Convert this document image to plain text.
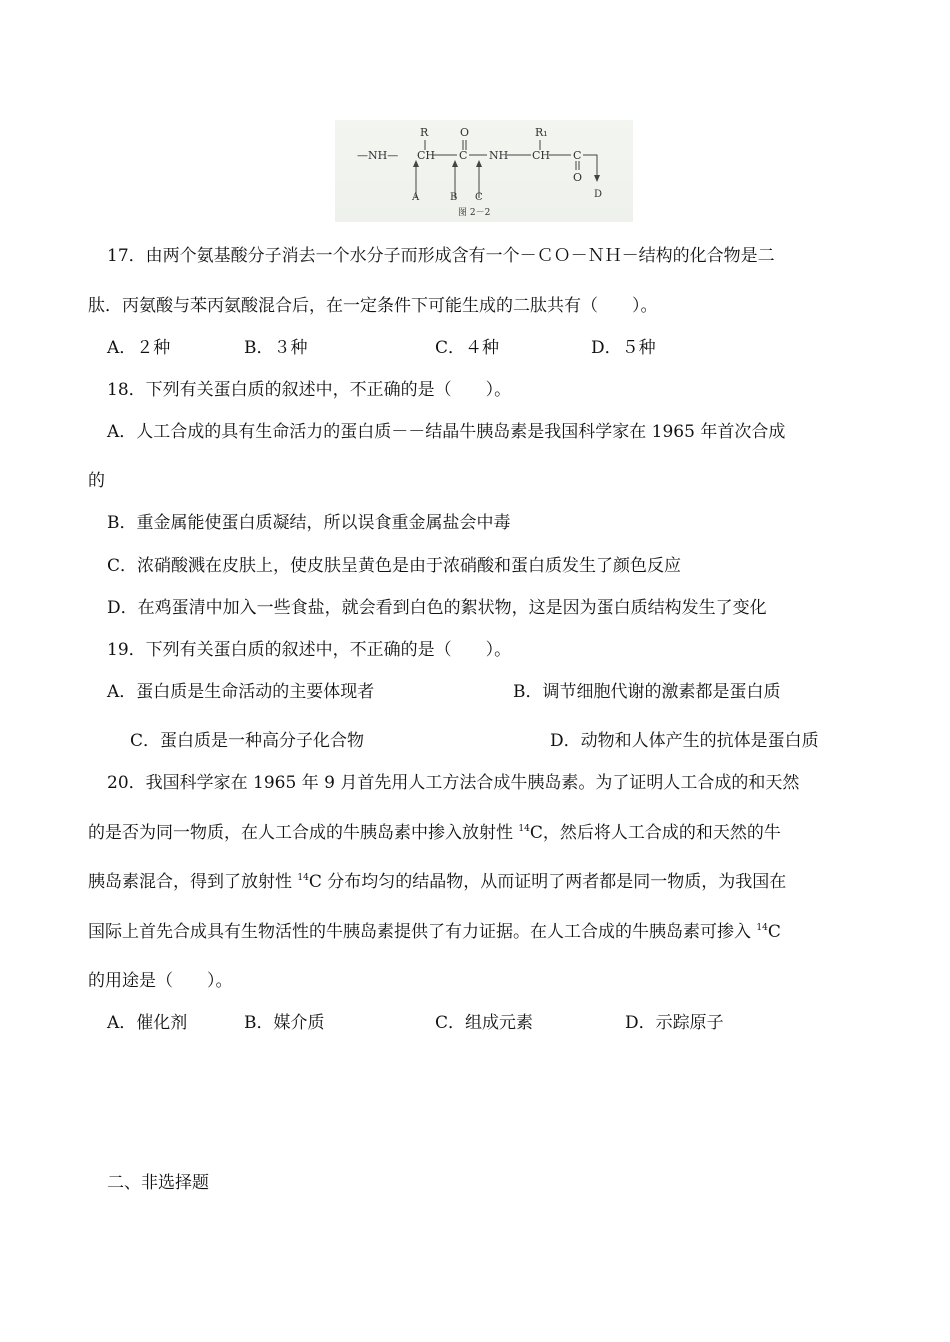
R	O	R₁
—NH— CH C NH CH C
O
A	B C	D
图 2－2
17．由两个氨基酸分子消去一个水分子而形成含有一个－ＣＯ－ＮＨ－结构的化合物是二
肽．丙氨酸与苯丙氨酸混合后，在一定条件下可能生成的二肽共有（　　）。
A．２种	B．３种	C．４种	D．５种
18．下列有关蛋白质的叙述中，不正确的是（　　）。
A．人工合成的具有生命活力的蛋白质－－结晶牛胰岛素是我国科学家在 1965 年首次合成
的
B．重金属能使蛋白质凝结，所以误食重金属盐会中毒
C．浓硝酸溅在皮肤上，使皮肤呈黄色是由于浓硝酸和蛋白质发生了颜色反应
D．在鸡蛋清中加入一些食盐，就会看到白色的絮状物，这是因为蛋白质结构发生了变化
19．下列有关蛋白质的叙述中，不正确的是（　　）。
A．蛋白质是生命活动的主要体现者	B．调节细胞代谢的激素都是蛋白质
C．蛋白质是一种高分子化合物	D．动物和人体产生的抗体是蛋白质
20．我国科学家在 1965 年 9 月首先用人工方法合成牛胰岛素。为了证明人工合成的和天然
的是否为同一物质，在人工合成的牛胰岛素中掺入放射性 $^{14}$C，然后将人工合成的和天然的牛
胰岛素混合，得到了放射性 $^{14}$C 分布均匀的结晶物，从而证明了两者都是同一物质，为我国在
国际上首先合成具有生物活性的牛胰岛素提供了有力证据。在人工合成的牛胰岛素可掺入 $^{14}$C
的用途是（　　）。
A．催化剂	B．媒介质	C．组成元素	D．示踪原子
二、非选择题
